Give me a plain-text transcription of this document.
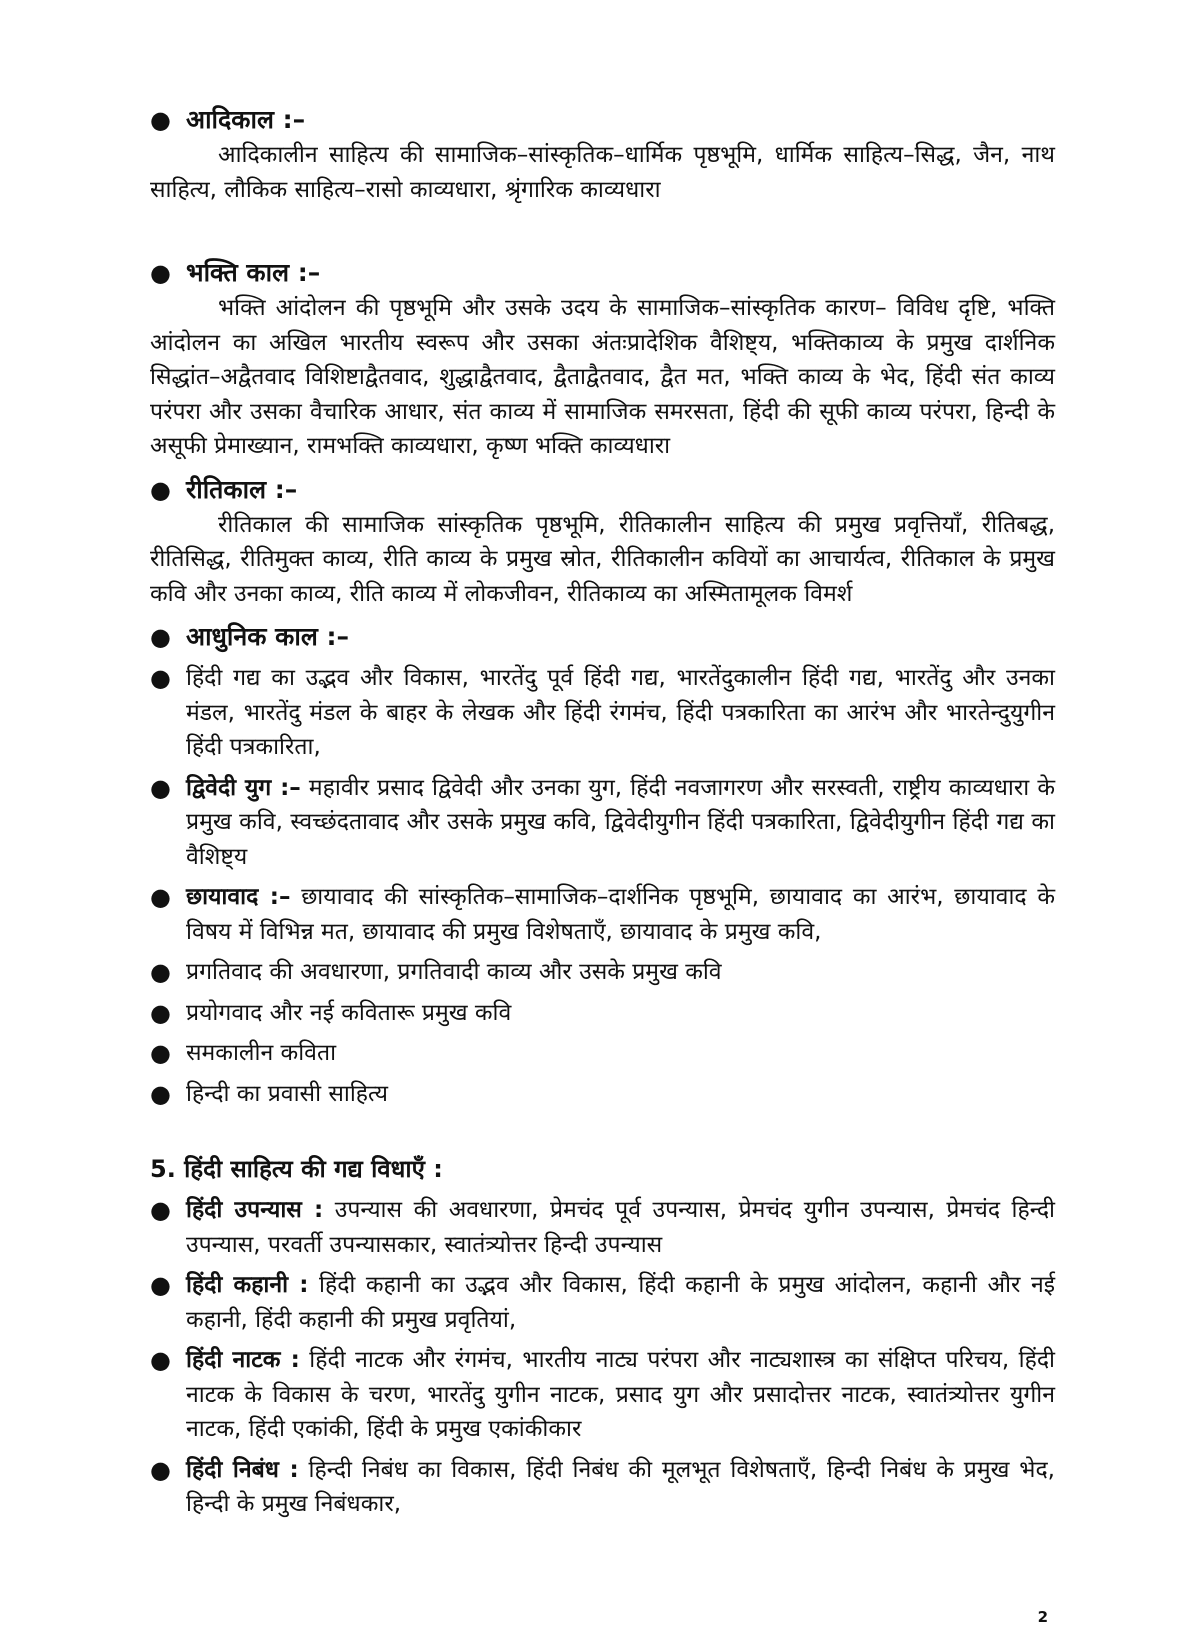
● आदिकाल :–

आदिकालीन साहित्य की सामाजिक–सांस्कृतिक–धार्मिक पृष्ठभूमि, धार्मिक साहित्य–सिद्ध, जैन, नाथ साहित्य, लौकिक साहित्य–रासो काव्यधारा, श्रृंगारिक काव्यधारा

● भक्ति काल :–

भक्ति आंदोलन की पृष्ठभूमि और उसके उदय के सामाजिक–सांस्कृतिक कारण– विविध दृष्टि, भक्ति आंदोलन का अखिल भारतीय स्वरूप और उसका अंतःप्रादेशिक वैशिष्ट्य, भक्तिकाव्य के प्रमुख दार्शनिक सिद्धांत–अद्वैतवाद विशिष्टाद्वैतवाद, शुद्धाद्वैतवाद, द्वैताद्वैतवाद, द्वैत मत, भक्ति काव्य के भेद, हिंदी संत काव्य परंपरा और उसका वैचारिक आधार, संत काव्य में सामाजिक समरसता, हिंदी की सूफी काव्य परंपरा, हिन्दी के असूफी प्रेमाख्यान, रामभक्ति काव्यधारा, कृष्ण भक्ति काव्यधारा

● रीतिकाल :–

रीतिकाल की सामाजिक सांस्कृतिक पृष्ठभूमि, रीतिकालीन साहित्य की प्रमुख प्रवृत्तियाँ, रीतिबद्ध, रीतिसिद्ध, रीतिमुक्त काव्य, रीति काव्य के प्रमुख स्रोत, रीतिकालीन कवियों का आचार्यत्व, रीतिकाल के प्रमुख कवि और उनका काव्य, रीति काव्य में लोकजीवन, रीतिकाव्य का अस्मितामूलक विमर्श

● आधुनिक काल :–
● हिंदी गद्य का उद्भव और विकास, भारतेंदु पूर्व हिंदी गद्य, भारतेंदुकालीन हिंदी गद्य, भारतेंदु और उनका मंडल, भारतेंदु मंडल के बाहर के लेखक और हिंदी रंगमंच, हिंदी पत्रकारिता का आरंभ और भारतेन्दुयुगीन हिंदी पत्रकारिता,
● द्विवेदी युग :– महावीर प्रसाद द्विवेदी और उनका युग, हिंदी नवजागरण और सरस्वती, राष्ट्रीय काव्यधारा के प्रमुख कवि, स्वच्छंदतावाद और उसके प्रमुख कवि, द्विवेदीयुगीन हिंदी पत्रकारिता, द्विवेदीयुगीन हिंदी गद्य का वैशिष्ट्य
● छायावाद :– छायावाद की सांस्कृतिक–सामाजिक–दार्शनिक पृष्ठभूमि, छायावाद का आरंभ, छायावाद के विषय में विभिन्न मत, छायावाद की प्रमुख विशेषताएँ, छायावाद के प्रमुख कवि,
● प्रगतिवाद की अवधारणा, प्रगतिवादी काव्य और उसके प्रमुख कवि
● प्रयोगवाद और नई कवितारू प्रमुख कवि
● समकालीन कविता
● हिन्दी का प्रवासी साहित्य
5. हिंदी साहित्य की गद्य विधाएँ :
● हिंदी उपन्यास : उपन्यास की अवधारणा, प्रेमचंद पूर्व उपन्यास, प्रेमचंद युगीन उपन्यास, प्रेमचंद हिन्दी उपन्यास, परवर्ती उपन्यासकार, स्वातंत्र्योत्तर हिन्दी उपन्यास
● हिंदी कहानी : हिंदी कहानी का उद्भव और विकास, हिंदी कहानी के प्रमुख आंदोलन, कहानी और नई कहानी, हिंदी कहानी की प्रमुख प्रवृतियां,
● हिंदी नाटक : हिंदी नाटक और रंगमंच, भारतीय नाट्य परंपरा और नाट्यशास्त्र का संक्षिप्त परिचय, हिंदी नाटक के विकास के चरण, भारतेंदु युगीन नाटक, प्रसाद युग और प्रसादोत्तर नाटक, स्वातंत्र्योत्तर युगीन नाटक, हिंदी एकांकी, हिंदी के प्रमुख एकांकीकार
● हिंदी निबंध : हिन्दी निबंध का विकास, हिंदी निबंध की मूलभूत विशेषताएँ, हिन्दी निबंध के प्रमुख भेद, हिन्दी के प्रमुख निबंधकार,
2
